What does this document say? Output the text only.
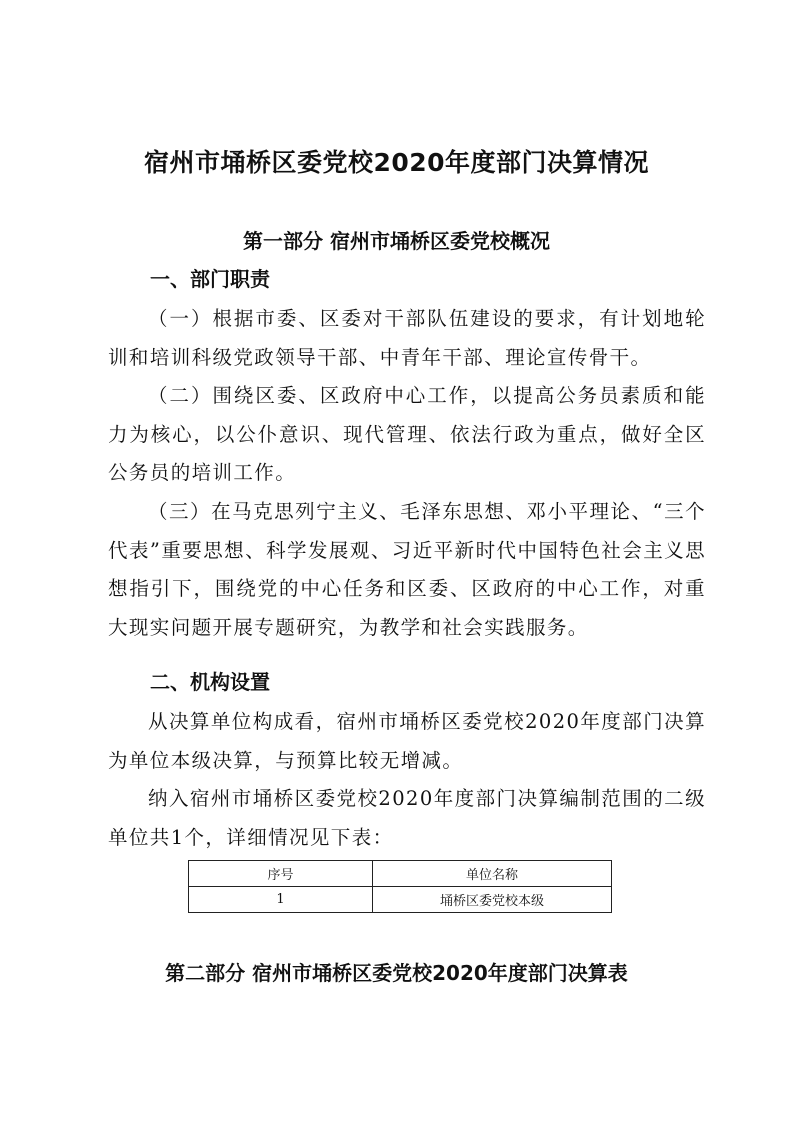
宿州市埇桥区委党校2020年度部门决算情况
第一部分 宿州市埇桥区委党校概况
一、部门职责
（一）根据市委、区委对干部队伍建设的要求，有计划地轮训和培训科级党政领导干部、中青年干部、理论宣传骨干。
（二）围绕区委、区政府中心工作，以提高公务员素质和能力为核心，以公仆意识、现代管理、依法行政为重点，做好全区公务员的培训工作。
（三）在马克思列宁主义、毛泽东思想、邓小平理论、“三个代表”重要思想、科学发展观、习近平新时代中国特色社会主义思想指引下，围绕党的中心任务和区委、区政府的中心工作，对重大现实问题开展专题研究，为教学和社会实践服务。
二、机构设置
从决算单位构成看，宿州市埇桥区委党校2020年度部门决算为单位本级决算，与预算比较无增减。
纳入宿州市埇桥区委党校2020年度部门决算编制范围的二级单位共1个，详细情况见下表：
序号	单位名称
1	埇桥区委党校本级
第二部分 宿州市埇桥区委党校2020年度部门决算表
